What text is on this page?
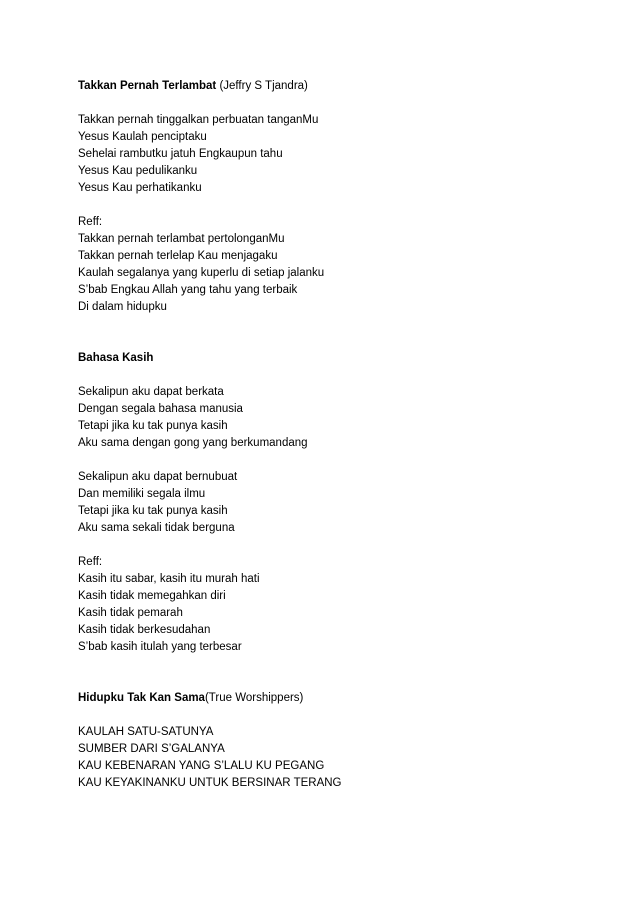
Takkan Pernah Terlambat (Jeffry S Tjandra)
Takkan pernah tinggalkan perbuatan tanganMu
Yesus Kaulah penciptaku
Sehelai rambutku jatuh Engkaupun tahu
Yesus Kau pedulikanku
Yesus Kau perhatikanku
Reff:
Takkan pernah terlambat pertolonganMu
Takkan pernah terlelap Kau menjagaku
Kaulah segalanya yang kuperlu di setiap jalanku
S’bab Engkau Allah yang tahu yang terbaik
Di dalam hidupku
Bahasa Kasih
Sekalipun aku dapat berkata
Dengan segala bahasa manusia
Tetapi jika ku tak punya kasih
Aku sama dengan gong yang berkumandang
Sekalipun aku dapat bernubuat
Dan memiliki segala ilmu
Tetapi jika ku tak punya kasih
Aku sama sekali tidak berguna
Reff:
Kasih itu sabar, kasih itu murah hati
Kasih tidak memegahkan diri
Kasih tidak pemarah
Kasih tidak berkesudahan
S’bab kasih itulah yang terbesar
Hidupku Tak Kan Sama(True Worshippers)
KAULAH SATU-SATUNYA
SUMBER DARI S’GALANYA
KAU KEBENARAN YANG S’LALU KU PEGANG
KAU KEYAKINANKU UNTUK BERSINAR TERANG
